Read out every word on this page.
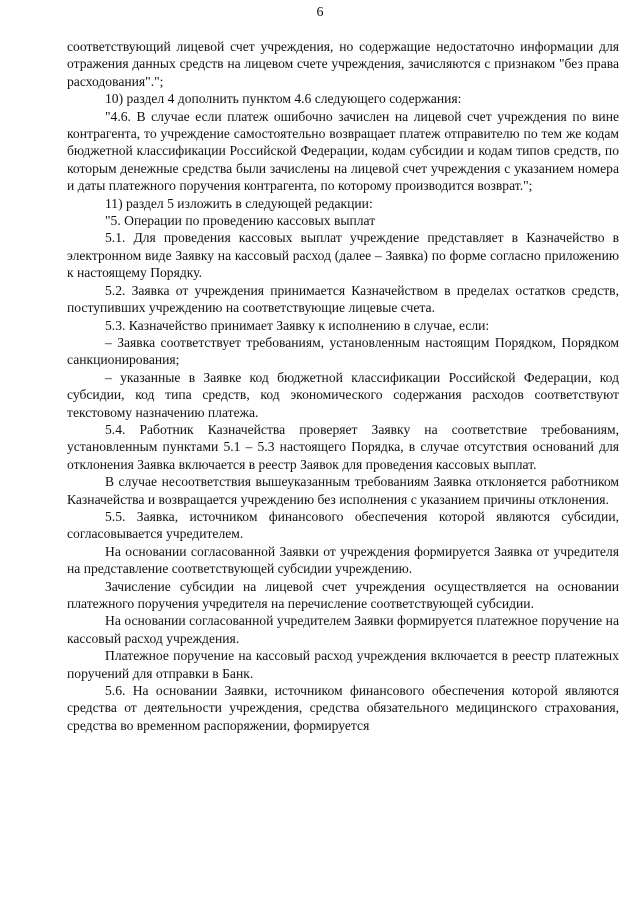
6

соответствующий лицевой счет учреждения, но содержащие недостаточно информации для отражения данных средств на лицевом счете учреждения, зачисляются с признаком "без права расходования".";

10) раздел 4 дополнить пунктом 4.6 следующего содержания:

"4.6. В случае если платеж ошибочно зачислен на лицевой счет учреждения по вине контрагента, то учреждение самостоятельно возвращает платеж отправителю по тем же кодам бюджетной классификации Российской Федерации, кодам субсидии и кодам типов средств, по которым денежные средства были зачислены на лицевой счет учреждения с указанием номера и даты платежного поручения контрагента, по которому производится возврат.";

11) раздел 5 изложить в следующей редакции:

"5. Операции по проведению кассовых выплат

5.1. Для проведения кассовых выплат учреждение представляет в Казначейство в электронном виде Заявку на кассовый расход (далее – Заявка) по форме согласно приложению к настоящему Порядку.

5.2. Заявка от учреждения принимается Казначейством в пределах остатков средств, поступивших учреждению на соответствующие лицевые счета.

5.3. Казначейство принимает Заявку к исполнению в случае, если:

– Заявка соответствует требованиям, установленным настоящим Порядком, Порядком санкционирования;

– указанные в Заявке код бюджетной классификации Российской Федерации, код субсидии, код типа средств, код экономического содержания расходов соответствуют текстовому назначению платежа.

5.4. Работник Казначейства проверяет Заявку на соответствие требованиям, установленным пунктами 5.1 – 5.3 настоящего Порядка, в случае отсутствия оснований для отклонения Заявка включается в реестр Заявок для проведения кассовых выплат.

В случае несоответствия вышеуказанным требованиям Заявка отклоняется работником Казначейства и возвращается учреждению без исполнения с указанием причины отклонения.

5.5. Заявка, источником финансового обеспечения которой являются субсидии, согласовывается учредителем.

На основании согласованной Заявки от учреждения формируется Заявка от учредителя на представление соответствующей субсидии учреждению.

Зачисление субсидии на лицевой счет учреждения осуществляется на основании платежного поручения учредителя на перечисление соответствующей субсидии.

На основании согласованной учредителем Заявки формируется платежное поручение на кассовый расход учреждения.

Платежное поручение на кассовый расход учреждения включается в реестр платежных поручений для отправки в Банк.

5.6. На основании Заявки, источником финансового обеспечения которой являются средства от деятельности учреждения, средства обязательного медицинского страхования, средства во временном распоряжении, формируется
